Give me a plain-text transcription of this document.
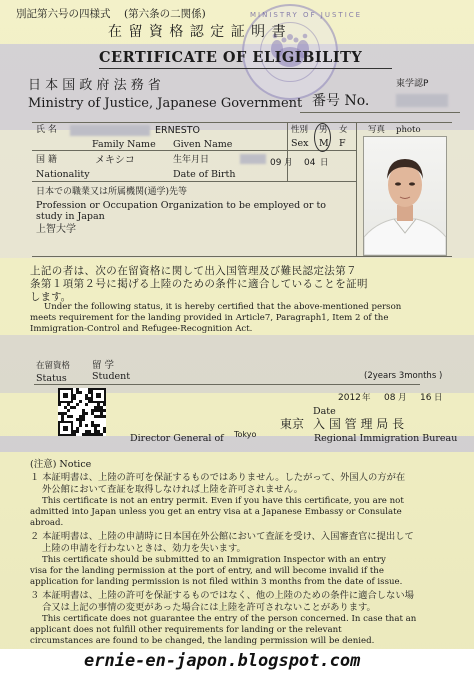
別記第六号の四様式 (第六条の二関係)	MINISTRY OF JUSTICE
在 留 資 格 認 定 証 明 書
CERTIFICATE OF ELIGIBILITY
日 本 国 政 府 法 務 省
Ministry of Justice, Japanese Government
東学認P
番号 No.
氏 名	ERNESTO
Family Name Given Name
性別 男 女
Sex M F
写真 photo
国 籍	メキシコ
Nationality
生年月日
Date of Birth
09 月 04 日
日本での職業又は所属機関(通学)先等
Profession or Occupation Organization to be employed or to
study in Japan
上智大学
上記の者は、次の在留資格に関して出入国管理及び難民認定法第７
条第１項第２号に掲げる上陸のための条件に適合していることを証明
します。
Under the following status, it is hereby certified that the above-mentioned person
meets requirement for the landing provided in Article7, Paragraph1, Item 2 of the
Immigration-Control and Refugee-Recognition Act.
在留資格
Status
留 学
Student	(2years 3months )
2012 年 08 月 16 日
Date
東京 入 国 管 理 局 長
Tokyo
Director General of	Regional Immigration Bureau
(注意) Notice
１ 本証明書は、上陸の許可を保証するものではありません。したがって、外国人の方が在
外公館において査証を取得しなければ上陸を許可されません。
This certificate is not an entry permit. Even if you have this certificate, you are not
admitted into Japan unless you get an entry visa at a Japanese Embassy or Consulate
abroad.
２ 本証明書は、上陸の申請時に日本国在外公館において査証を受け、入国審査官に提出して
上陸の申請を行わないときは、効力を失います。
This certificate should be submitted to an Immigration Inspector with an entry
visa for the landing permission at the port of entry, and will become invalid if the
application for landing permission is not filed within 3 months from the date of issue.
３ 本証明書は、上陸の許可を保証するものではなく、他の上陸のための条件に適合しない場
合又は上記の事情の変更があった場合には上陸を許可されないことがあります。
This certificate does not guarantee the entry of the person concerned. In case that an
applicant does not fulfill other requirements for landing or the relevant
circumstances are found to be changed, the landing permission will be denied.
ernie-en-japon.blogspot.com
